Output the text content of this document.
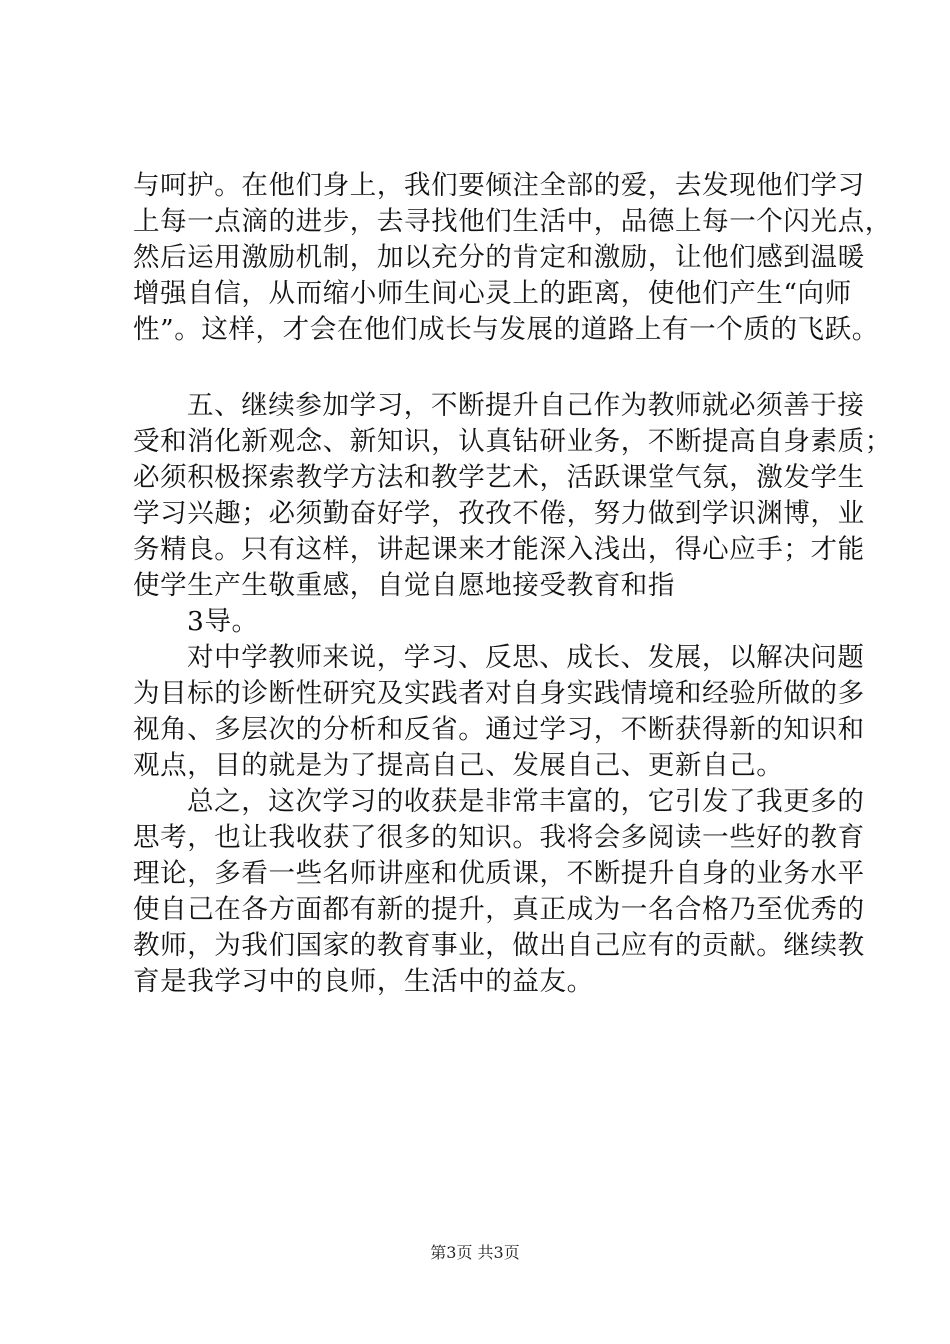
与呵护。在他们身上，我们要倾注全部的爱，去发现他们学习
上每一点滴的进步，去寻找他们生活中，品德上每一个闪光点，
然后运用激励机制，加以充分的肯定和激励，让他们感到温暖
增强自信，从而缩小师生间心灵上的距离，使他们产生“向师
性”。这样，才会在他们成长与发展的道路上有一个质的飞跃。
五、继续参加学习，不断提升自己作为教师就必须善于接
受和消化新观念、新知识，认真钻研业务，不断提高自身素质；
必须积极探索教学方法和教学艺术，活跃课堂气氛，激发学生
学习兴趣；必须勤奋好学，孜孜不倦，努力做到学识渊博，业
务精良。只有这样，讲起课来才能深入浅出，得心应手；才能
使学生产生敬重感，自觉自愿地接受教育和指
3导。
对中学教师来说，学习、反思、成长、发展，以解决问题
为目标的诊断性研究及实践者对自身实践情境和经验所做的多
视角、多层次的分析和反省。通过学习，不断获得新的知识和
观点，目的就是为了提高自己、发展自己、更新自己。
总之，这次学习的收获是非常丰富的，它引发了我更多的
思考，也让我收获了很多的知识。我将会多阅读一些好的教育
理论，多看一些名师讲座和优质课，不断提升自身的业务水平
使自己在各方面都有新的提升，真正成为一名合格乃至优秀的
教师，为我们国家的教育事业，做出自己应有的贡献。继续教
育是我学习中的良师，生活中的益友。
第3页 共3页
